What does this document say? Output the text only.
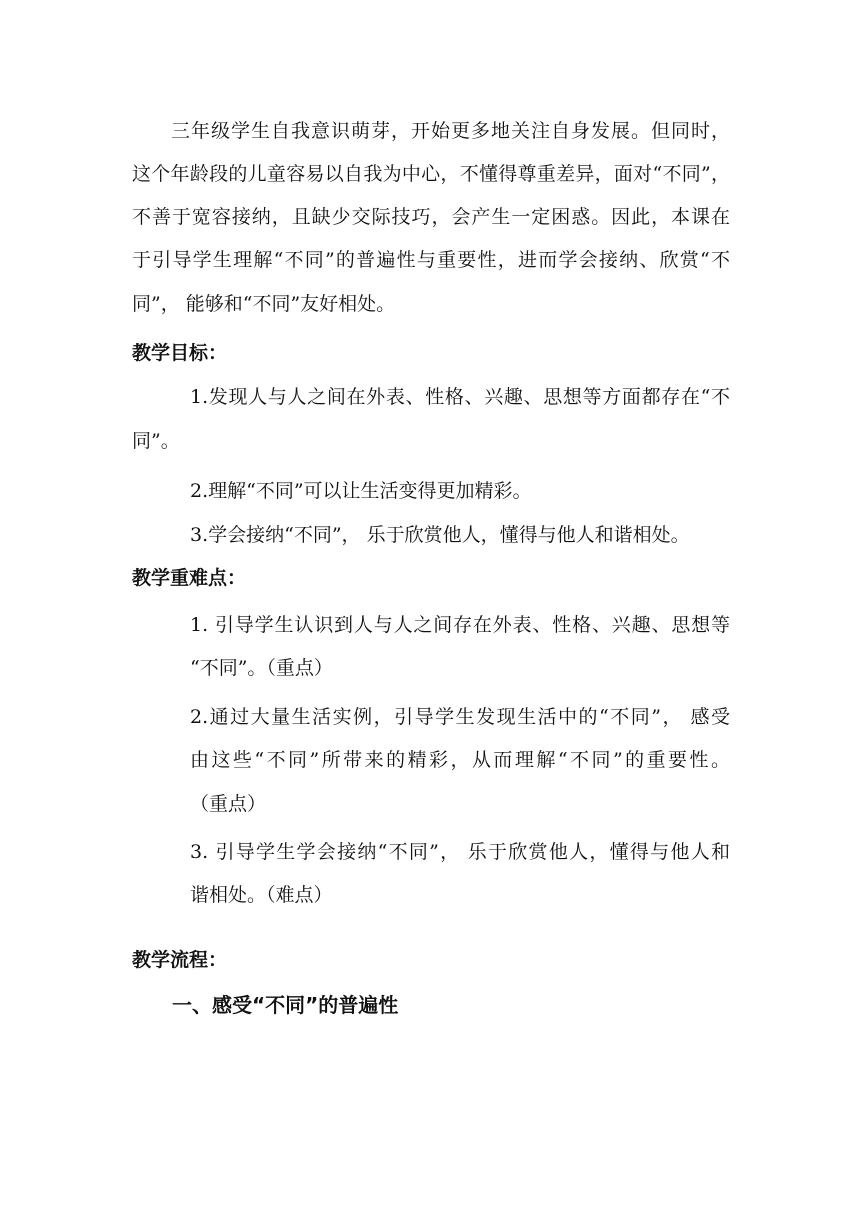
三年级学生自我意识萌芽，开始更多地关注自身发展。但同时，
这个年龄段的儿童容易以自我为中心，不懂得尊重差异，面对“不同”，
不善于宽容接纳，且缺少交际技巧，会产生一定困惑。因此，本课在
于引导学生理解“不同”的普遍性与重要性，进而学会接纳、欣赏“不
同”， 能够和“不同”友好相处。
教学目标：
1.发现人与人之间在外表、性格、兴趣、思想等方面都存在“不
同”。
2.理解“不同”可以让生活变得更加精彩。
3.学会接纳“不同”， 乐于欣赏他人，懂得与他人和谐相处。
教学重难点：
1. 引导学生认识到人与人之间存在外表、性格、兴趣、思想等
“不同”。（重点）
2.通过大量生活实例，引导学生发现生活中的“不同”， 感受
由这些“不同”所带来的精彩，从而理解“不同”的重要性。
（重点）
3. 引导学生学会接纳“不同”， 乐于欣赏他人，懂得与他人和
谐相处。（难点）
教学流程：
一、感受“不同”的普遍性
